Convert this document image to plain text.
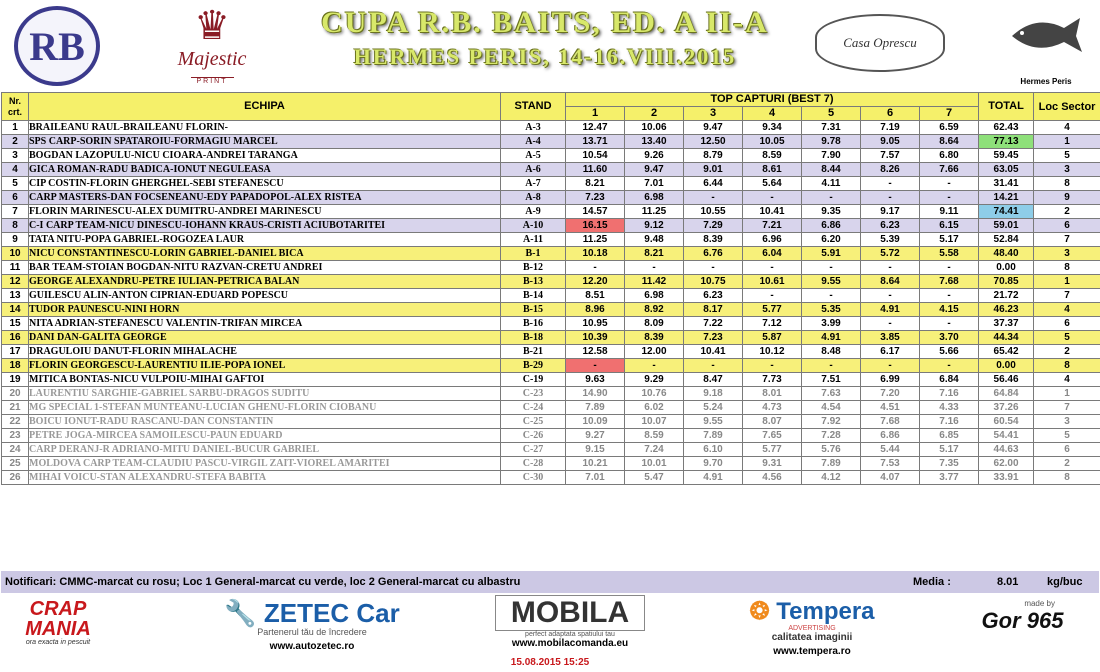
RB	♛
Majestic
PRINT
CUPA R.B. BAITS, ED. A II-A
HERMES PERIS, 14-16.VIII.2015
Casa Oprescu
Hermes Peris
Nr. crt.	ECHIPA	STAND	TOP CAPTURI (BEST 7)							TOTAL	Loc Sector
			1	2	3	4	5	6	7		
1	BRAILEANU RAUL-BRAILEANU FLORIN-	A-3	12.47	10.06	9.47	9.34	7.31	7.19	6.59	62.43	4
2	SPS CARP-SORIN SPATAROIU-FORMAGIU MARCEL	A-4	13.71	13.40	12.50	10.05	9.78	9.05	8.64	77.13	1
3	BOGDAN LAZOPULU-NICU CIOARA-ANDREI TARANGA	A-5	10.54	9.26	8.79	8.59	7.90	7.57	6.80	59.45	5
4	GICA ROMAN-RADU BADICA-IONUT NEGULEASA	A-6	11.60	9.47	9.01	8.61	8.44	8.26	7.66	63.05	3
5	CIP COSTIN-FLORIN GHERGHEL-SEBI STEFANESCU	A-7	8.21	7.01	6.44	5.64	4.11	-	-	31.41	8
6	CARP MASTERS-DAN FOCSENEANU-EDY PAPADOPOL-ALEX RISTEA	A-8	7.23	6.98	-	-	-	-	-	14.21	9
7	FLORIN MARINESCU-ALEX DUMITRU-ANDREI MARINESCU	A-9	14.57	11.25	10.55	10.41	9.35	9.17	9.11	74.41	2
8	C-I CARP TEAM-NICU DINESCU-IOHANN KRAUS-CRISTI ACIUBOTARITEI	A-10	16.15	9.12	7.29	7.21	6.86	6.23	6.15	59.01	6
9	TATA NITU-POPA GABRIEL-ROGOZEA LAUR	A-11	11.25	9.48	8.39	6.96	6.20	5.39	5.17	52.84	7
10	NICU CONSTANTINESCU-LORIN GABRIEL-DANIEL BICA	B-1	10.18	8.21	6.76	6.04	5.91	5.72	5.58	48.40	3
11	BAR TEAM-STOIAN BOGDAN-NITU RAZVAN-CRETU ANDREI	B-12	-	-	-	-	-	-	-	0.00	8
12	GEORGE ALEXANDRU-PETRE IULIAN-PETRICA BALAN	B-13	12.20	11.42	10.75	10.61	9.55	8.64	7.68	70.85	1
13	GUILESCU ALIN-ANTON CIPRIAN-EDUARD POPESCU	B-14	8.51	6.98	6.23	-	-	-	-	21.72	7
14	TUDOR PAUNESCU-NINI HORN	B-15	8.96	8.92	8.17	5.77	5.35	4.91	4.15	46.23	4
15	NITA ADRIAN-STEFANESCU VALENTIN-TRIFAN MIRCEA	B-16	10.95	8.09	7.22	7.12	3.99	-	-	37.37	6
16	DANI DAN-GALITA GEORGE	B-18	10.39	8.39	7.23	5.87	4.91	3.85	3.70	44.34	5
17	DRAGULOIU DANUT-FLORIN MIHALACHE	B-21	12.58	12.00	10.41	10.12	8.48	6.17	5.66	65.42	2
18	FLORIN GEORGESCU-LAURENTIU ILIE-POPA IONEL	B-29	-	-	-	-	-	-	-	0.00	8
19	MITICA BONTAS-NICU VULPOIU-MIHAI GAFTOI	C-19	9.63	9.29	8.47	7.73	7.51	6.99	6.84	56.46	4
20	LAURENTIU SARGHIE-GABRIEL SARBU-DRAGOS SUDITU	C-23	14.90	10.76	9.18	8.01	7.63	7.20	7.16	64.84	1
21	MG SPECIAL 1-STEFAN MUNTEANU-LUCIAN GHENU-FLORIN CIOBANU	C-24	7.89	6.02	5.24	4.73	4.54	4.51	4.33	37.26	7
22	BOICU IONUT-RADU RASCANU-DAN CONSTANTIN	C-25	10.09	10.07	9.55	8.07	7.92	7.68	7.16	60.54	3
23	PETRE JOGA-MIRCEA SAMOILESCU-PAUN EDUARD	C-26	9.27	8.59	7.89	7.65	7.28	6.86	6.85	54.41	5
24	CARP DERANJ-R ADRIANO-MITU DANIEL-BUCUR GABRIEL	C-27	9.15	7.24	6.10	5.77	5.76	5.44	5.17	44.63	6
25	MOLDOVA CARP TEAM-CLAUDIU PASCU-VIRGIL ZAIT-VIOREL AMARITEI	C-28	10.21	10.01	9.70	9.31	7.89	7.53	7.35	62.00	2
26	MIHAI VOICU-STAN ALEXANDRU-STEFA BABITA	C-30	7.01	5.47	4.91	4.56	4.12	4.07	3.77	33.91	8
Notificari: CMMC-marcat cu rosu; Loc 1 General-marcat cu verde, loc 2 General-marcat cu albastru	Media :	8.01	kg/buc
CRAP
MANIA
ora exacta in pescuit
🔧 ZETEC Car
Partenerul tău de încredere
www.autozetec.ro
MOBILA
perfect adaptata spatiului tau
www.mobilacomanda.eu
❂ Tempera
ADVERTISING
calitatea imaginii
www.tempera.ro
made by
Gor 965
15.08.2015 15:25
